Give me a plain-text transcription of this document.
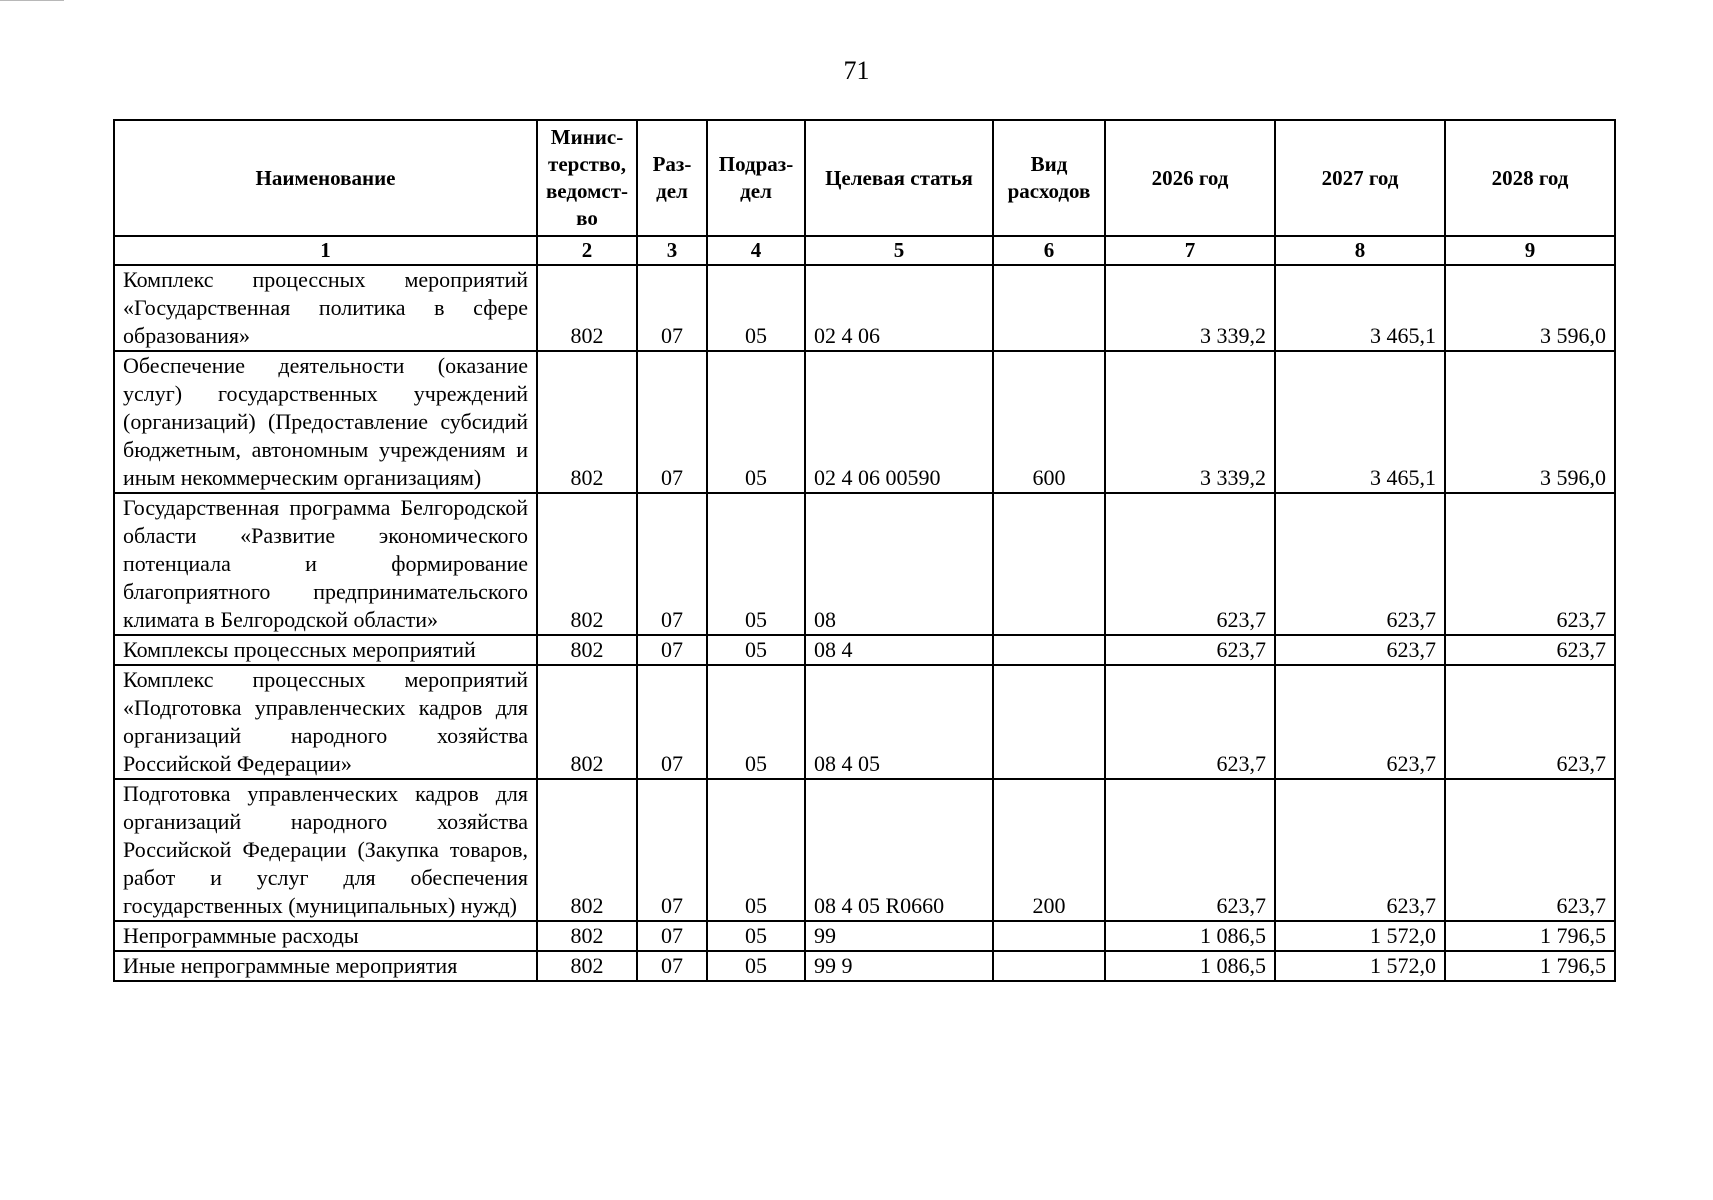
71
Наименование	Минис-терство, ведомст-во	Раз-дел	Подраз-дел	Целевая статья	Вид расходов	2026 год	2027 год	2028 год
1	2	3	4	5	6	7	8	9
Комплекс процессных мероприятий «Государственная политика в сфере образования»	802	07	05	02 4 06		3 339,2	3 465,1	3 596,0
Обеспечение деятельности (оказание услуг) государственных учреждений (организаций) (Предоставление субсидий бюджетным, автономным учреждениям и иным некоммерческим организациям)	802	07	05	02 4 06 00590	600	3 339,2	3 465,1	3 596,0
Государственная программа Белгородской области «Развитие экономического потенциала и формирование благоприятного предпринимательского климата в Белгородской области»	802	07	05	08		623,7	623,7	623,7
Комплексы процессных мероприятий	802	07	05	08 4		623,7	623,7	623,7
Комплекс процессных мероприятий «Подготовка управленческих кадров для организаций народного хозяйства Российской Федерации»	802	07	05	08 4 05		623,7	623,7	623,7
Подготовка управленческих кадров для организаций народного хозяйства Российской Федерации (Закупка товаров, работ и услуг для обеспечения государственных (муниципальных) нужд)	802	07	05	08 4 05 R0660	200	623,7	623,7	623,7
Непрограммные расходы	802	07	05	99		1 086,5	1 572,0	1 796,5
Иные непрограммные мероприятия	802	07	05	99 9		1 086,5	1 572,0	1 796,5
